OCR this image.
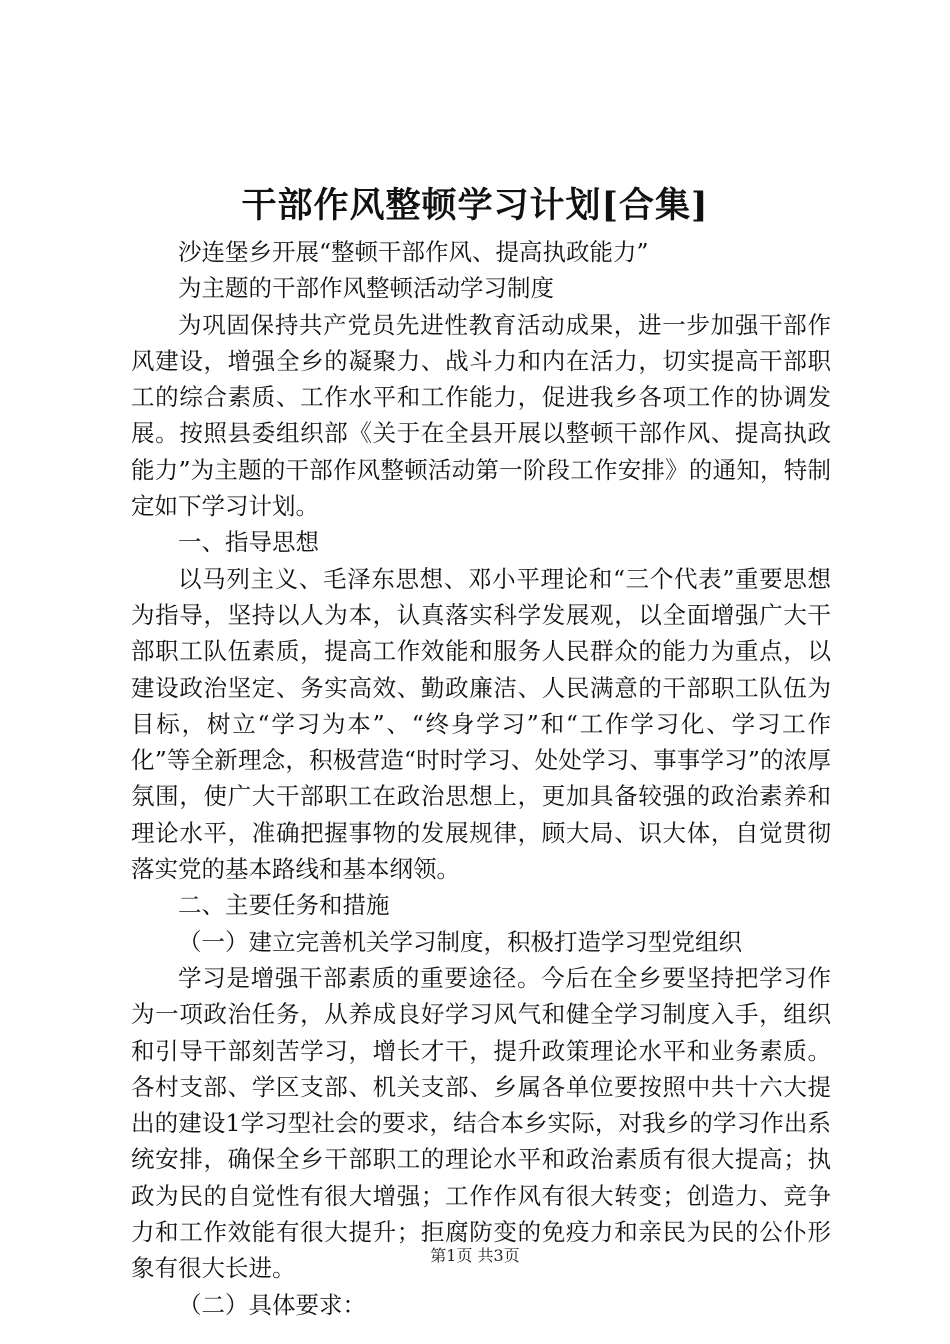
干部作风整顿学习计划[合集]

沙连堡乡开展“整顿干部作风、提高执政能力”

为主题的干部作风整顿活动学习制度

为巩固保持共产党员先进性教育活动成果，进一步加强干部作风建设，增强全乡的凝聚力、战斗力和内在活力，切实提高干部职工的综合素质、工作水平和工作能力，促进我乡各项工作的协调发展。按照县委组织部《关于在全县开展以整顿干部作风、提高执政能力”为主题的干部作风整顿活动第一阶段工作安排》的通知，特制定如下学习计划。

一、指导思想

以马列主义、毛泽东思想、邓小平理论和“三个代表”重要思想为指导，坚持以人为本，认真落实科学发展观，以全面增强广大干部职工队伍素质，提高工作效能和服务人民群众的能力为重点，以建设政治坚定、务实高效、勤政廉洁、人民满意的干部职工队伍为目标，树立“学习为本”、“终身学习”和“工作学习化、学习工作化”等全新理念，积极营造“时时学习、处处学习、事事学习”的浓厚氛围，使广大干部职工在政治思想上，更加具备较强的政治素养和理论水平，准确把握事物的发展规律，顾大局、识大体，自觉贯彻落实党的基本路线和基本纲领。

二、主要任务和措施

（一）建立完善机关学习制度，积极打造学习型党组织

学习是增强干部素质的重要途径。今后在全乡要坚持把学习作为一项政治任务，从养成良好学习风气和健全学习制度入手，组织和引导干部刻苦学习，增长才干，提升政策理论水平和业务素质。各村支部、学区支部、机关支部、乡属各单位要按照中共十六大提出的建设1学习型社会的要求，结合本乡实际，对我乡的学习作出系统安排，确保全乡干部职工的理论水平和政治素质有很大提高；执政为民的自觉性有很大增强；工作作风有很大转变；创造力、竞争力和工作效能有很大提升；拒腐防变的免疫力和亲民为民的公仆形象有很大长进。

（二）具体要求：

第1页 共3页
